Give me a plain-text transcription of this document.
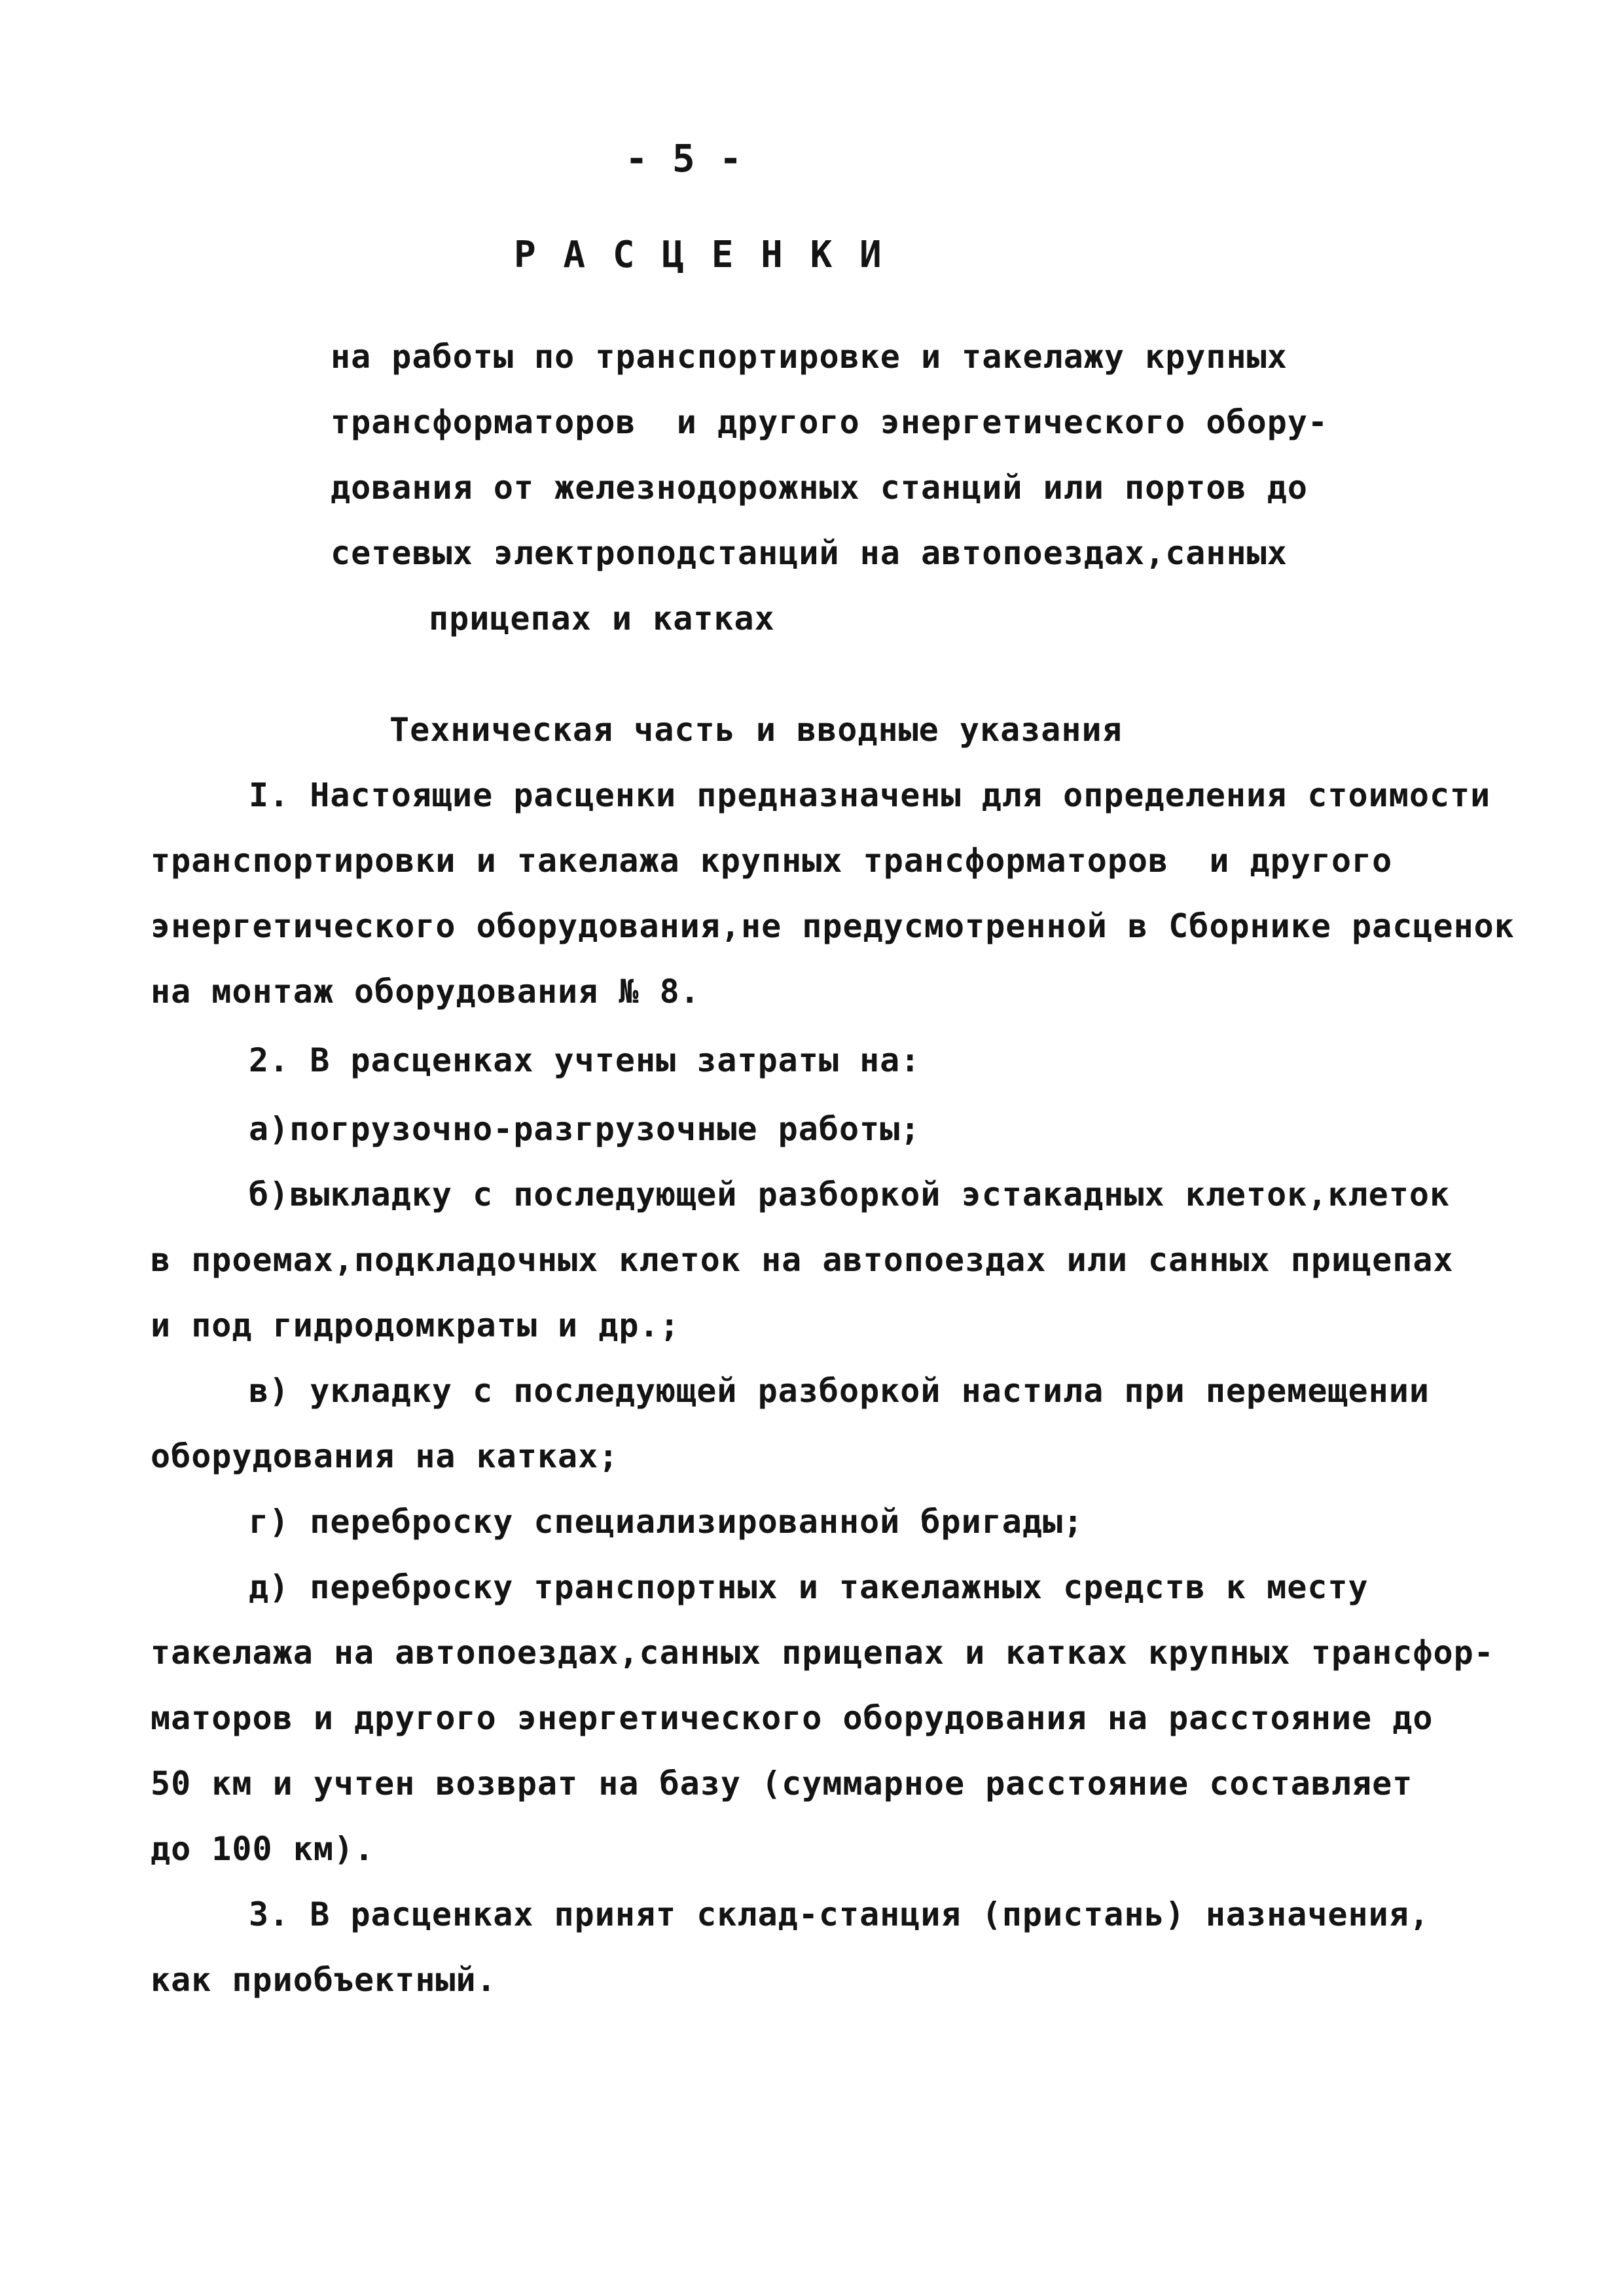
- 5 -
Р А С Ц Е Н К И
на работы по транспортировке и такелажу крупных
трансформаторов  и другого энергетического обору-
дования от железнодорожных станций или портов до
сетевых электроподстанций на автопоездах,санных
прицепах и катках
Техническая часть и вводные указания
I. Настоящие расценки предназначены для определения стоимости
транспортировки и такелажа крупных трансформаторов  и другого
энергетического оборудования,не предусмотренной в Сборнике расценок
на монтаж оборудования № 8.
2. В расценках учтены затраты на:
а)погрузочно-разгрузочные работы;
б)выкладку с последующей разборкой эстакадных клеток,клеток
в проемах,подкладочных клеток на автопоездах или санных прицепах
и под гидродомкраты и др.;
в) укладку с последующей разборкой настила при перемещении
оборудования на катках;
г) переброску специализированной бригады;
д) переброску транспортных и такелажных средств к месту
такелажа на автопоездах,санных прицепах и катках крупных трансфор-
маторов и другого энергетического оборудования на расстояние до
50 км и учтен возврат на базу (суммарное расстояние составляет
до 100 км).
3. В расценках принят склад-станция (пристань) назначения,
как приобъектный.
